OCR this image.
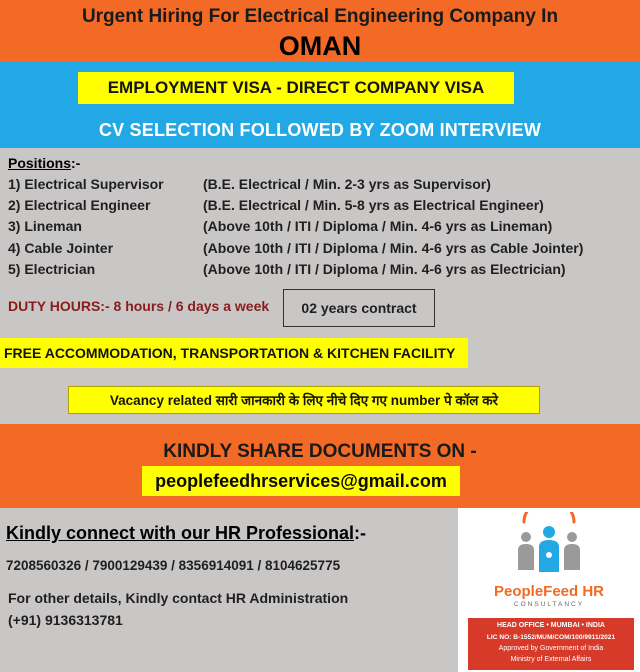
Urgent Hiring For Electrical Engineering Company In
OMAN
EMPLOYMENT VISA - DIRECT COMPANY VISA
CV SELECTION FOLLOWED BY ZOOM INTERVIEW
Positions:-
1) Electrical Supervisor	(B.E. Electrical / Min. 2-3 yrs as Supervisor)
2) Electrical Engineer	(B.E. Electrical / Min. 5-8 yrs as Electrical Engineer)
3) Lineman	(Above 10th / ITI / Diploma / Min. 4-6 yrs as Lineman)
4) Cable Jointer	(Above 10th / ITI / Diploma / Min. 4-6 yrs as Cable Jointer)
5) Electrician	(Above 10th / ITI / Diploma / Min. 4-6 yrs as Electrician)
DUTY HOURS:- 8 hours / 6 days a week	02 years contract
FREE ACCOMMODATION, TRANSPORTATION & KITCHEN FACILITY
Vacancy related सारी जानकारी के लिए नीचे दिए गए number पे कॉल करे
KINDLY SHARE DOCUMENTS ON -
peoplefeedhrservices@gmail.com
Kindly connect with our HR Professional:-
7208560326 / 7900129439 / 8356914091 / 8104625775
For other details, Kindly contact HR Administration
(+91) 9136313781
PeopleFeed HR
CONSULTANCY
HEAD OFFICE • MUMBAI • INDIA
LIC NO: B-1552/MUM/COM/100/9911/2021
Approved by Government of India
Ministry of External Affairs
